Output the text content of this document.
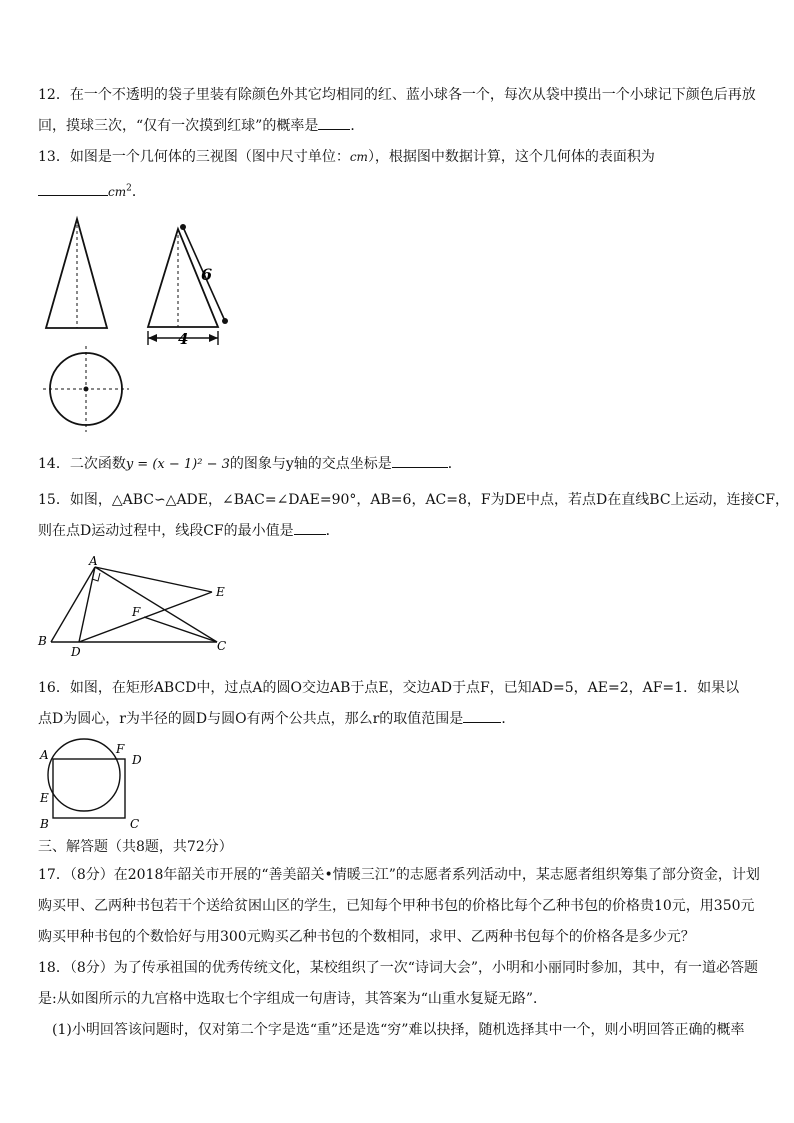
12．在一个不透明的袋子里装有除颜色外其它均相同的红、蓝小球各一个，每次从袋中摸出一个小球记下颜色后再放
回，摸球三次，“仅有一次摸到红球”的概率是 ．
13．如图是一个几何体的三视图（图中尺寸单位：cm），根据图中数据计算，这个几何体的表面积为
$cm^2$．
6
4
14．二次函数y = (x − 1)² − 3的图象与y轴的交点坐标是	．
15．如图，△ABC∽△ADE，∠BAC=∠DAE=90°，AB=6，AC=8，F为DE中点，若点D在直线BC上运动，连接CF，
则在点D运动过程中，线段CF的最小值是 ．
A
B	C
D
E
F
16．如图，在矩形ABCD中，过点A的圆O交边AB于点E，交边AD于点F，已知AD=5，AE=2，AF=1．如果以
点D为圆心，r为半径的圆D与圆O有两个公共点，那么r的取值范围是	．
A	F
D
E
B	C
三、解答题（共8题，共72分）
17．（8分）在2018年韶关市开展的“善美韶关•情暖三江”的志愿者系列活动中，某志愿者组织筹集了部分资金，计划
购买甲、乙两种书包若干个送给贫困山区的学生，已知每个甲种书包的价格比每个乙种书包的价格贵10元，用350元
购买甲种书包的个数恰好与用300元购买乙种书包的个数相同，求甲、乙两种书包每个的价格各是多少元？
18．（8分）为了传承祖国的优秀传统文化，某校组织了一次“诗词大会”，小明和小丽同时参加，其中，有一道必答题
是:从如图所示的九宫格中选取七个字组成一句唐诗，其答案为“山重水复疑无路”．
(1)小明回答该问题时，仅对第二个字是选“重”还是选“穷”难以抉择，随机选择其中一个，则小明回答正确的概率
